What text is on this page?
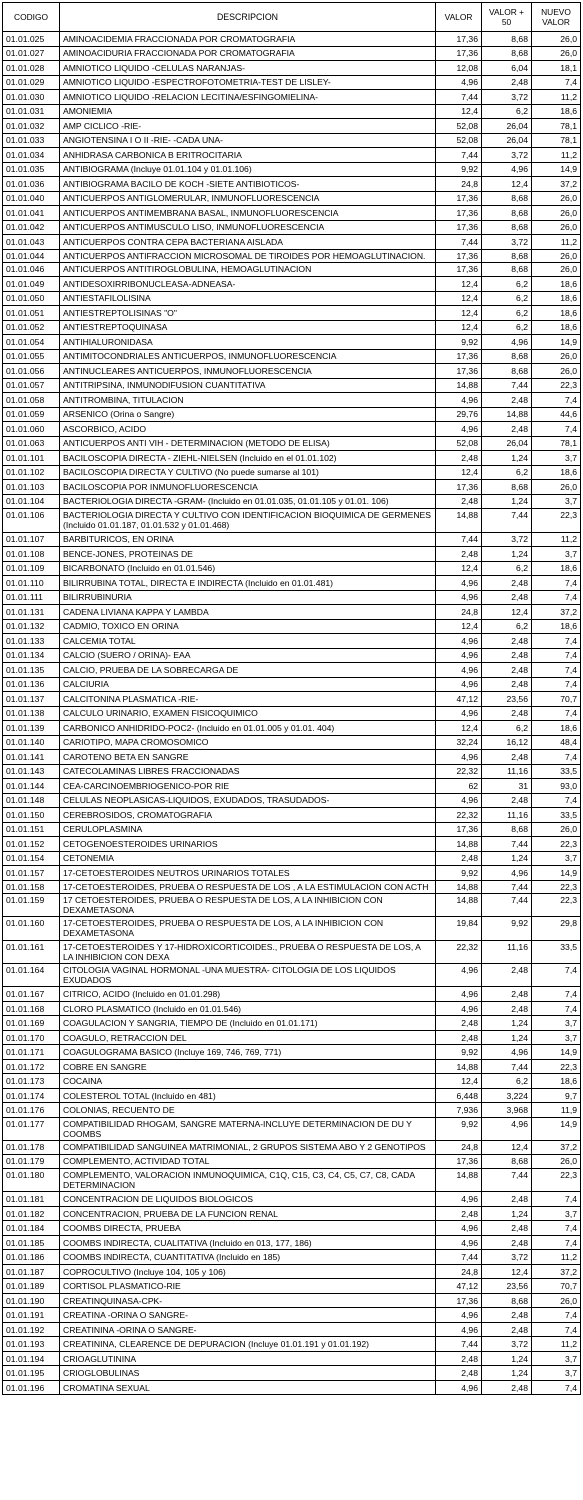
CODIGO	DESCRIPCION	VALOR	VALOR + 50	NUEVO VALOR
01.01.025	AMINOACIDEMIA FRACCIONADA POR CROMATOGRAFIA	17,36	8,68	26,0
01.01.027	AMINOACIDURIA FRACCIONADA POR CROMATOGRAFIA	17,36	8,68	26,0
01.01.028	AMNIOTICO LIQUIDO -CELULAS NARANJAS-	12,08	6,04	18,1
01.01.029	AMNIOTICO LIQUIDO -ESPECTROFOTOMETRIA-TEST DE LISLEY-	4,96	2,48	7,4
01.01.030	AMNIOTICO LIQUIDO -RELACION LECITINA/ESFINGOMIELINA-	7,44	3,72	11,2
01.01.031	AMONIEMIA	12,4	6,2	18,6
01.01.032	AMP CICLICO -RIE-	52,08	26,04	78,1
01.01.033	ANGIOTENSINA I O II -RIE- -CADA UNA-	52,08	26,04	78,1
01.01.034	ANHIDRASA CARBONICA B ERITROCITARIA	7,44	3,72	11,2
01.01.035	ANTIBIOGRAMA (Incluye 01.01.104 y 01.01.106)	9,92	4,96	14,9
01.01.036	ANTIBIOGRAMA BACILO DE KOCH -SIETE ANTIBIOTICOS-	24,8	12,4	37,2
01.01.040	ANTICUERPOS ANTIGLOMERULAR, INMUNOFLUORESCENCIA	17,36	8,68	26,0
01.01.041	ANTICUERPOS ANTIMEMBRANA BASAL, INMUNOFLUORESCENCIA	17,36	8,68	26,0
01.01.042	ANTICUERPOS ANTIMUSCULO LISO, INMUNOFLUORESCENCIA	17,36	8,68	26,0
01.01.043	ANTICUERPOS CONTRA CEPA BACTERIANA AISLADA	7,44	3,72	11,2
01.01.044	ANTICUERPOS ANTIFRACCION MICROSOMAL DE TIROIDES POR HEMOAGLUTINACION.	17,36	8,68	26,0
01.01.046	ANTICUERPOS ANTITIROGLOBULINA, HEMOAGLUTINACION	17,36	8,68	26,0
01.01.049	ANTIDESOXIRRIBONUCLEASA-ADNEASA-	12,4	6,2	18,6
01.01.050	ANTIESTAFILOLISINA	12,4	6,2	18,6
01.01.051	ANTIESTREPTOLISINAS "O"	12,4	6,2	18,6
01.01.052	ANTIESTREPTOQUINASA	12,4	6,2	18,6
01.01.054	ANTIHIALURONIDASA	9,92	4,96	14,9
01.01.055	ANTIMITOCONDRIALES ANTICUERPOS, INMUNOFLUORESCENCIA	17,36	8,68	26,0
01.01.056	ANTINUCLEARES ANTICUERPOS, INMUNOFLUORESCENCIA	17,36	8,68	26,0
01.01.057	ANTITRIPSINA, INMUNODIFUSION CUANTITATIVA	14,88	7,44	22,3
01.01.058	ANTITROMBINA, TITULACION	4,96	2,48	7,4
01.01.059	ARSENICO (Orina o Sangre)	29,76	14,88	44,6
01.01.060	ASCORBICO, ACIDO	4,96	2,48	7,4
01.01.063	ANTICUERPOS ANTI VIH - DETERMINACION (METODO DE ELISA)	52,08	26,04	78,1
01.01.101	BACILOSCOPIA DIRECTA - ZIEHL-NIELSEN (Incluido en el 01.01.102)	2,48	1,24	3,7
01.01.102	BACILOSCOPIA DIRECTA Y CULTIVO (No puede sumarse al 101)	12,4	6,2	18,6
01.01.103	BACILOSCOPIA POR INMUNOFLUORESCENCIA	17,36	8,68	26,0
01.01.104	BACTERIOLOGIA DIRECTA -GRAM- (Incluido en 01.01.035, 01.01.105 y 01.01. 106)	2,48	1,24	3,7
01.01.106	BACTERIOLOGIA DIRECTA Y CULTIVO CON IDENTIFICACION BIOQUIMICA DE GERMENES (Incluido 01.01.187, 01.01.532 y 01.01.468)	14,88	7,44	22,3
01.01.107	BARBITURICOS, EN ORINA	7,44	3,72	11,2
01.01.108	BENCE-JONES, PROTEINAS DE	2,48	1,24	3,7
01.01.109	BICARBONATO (Incluido en 01.01.546)	12,4	6,2	18,6
01.01.110	BILIRRUBINA TOTAL, DIRECTA E INDIRECTA (Incluido en 01.01.481)	4,96	2,48	7,4
01.01.111	BILIRRUBINURIA	4,96	2,48	7,4
01.01.131	CADENA LIVIANA KAPPA Y LAMBDA	24,8	12,4	37,2
01.01.132	CADMIO, TOXICO EN ORINA	12,4	6,2	18,6
01.01.133	CALCEMIA TOTAL	4,96	2,48	7,4
01.01.134	CALCIO (SUERO / ORINA)- EAA	4,96	2,48	7,4
01.01.135	CALCIO, PRUEBA DE LA SOBRECARGA DE	4,96	2,48	7,4
01.01.136	CALCIURIA	4,96	2,48	7,4
01.01.137	CALCITONINA PLASMATICA -RIE-	47,12	23,56	70,7
01.01.138	CALCULO URINARIO, EXAMEN FISICOQUIMICO	4,96	2,48	7,4
01.01.139	CARBONICO ANHIDRIDO-POC2- (Incluido en 01.01.005 y 01.01. 404)	12,4	6,2	18,6
01.01.140	CARIOTIPO, MAPA CROMOSOMICO	32,24	16,12	48,4
01.01.141	CAROTENO BETA EN SANGRE	4,96	2,48	7,4
01.01.143	CATECOLAMINAS LIBRES FRACCIONADAS	22,32	11,16	33,5
01.01.144	CEA-CARCINOEMBRIOGENICO-POR RIE	62	31	93,0
01.01.148	CELULAS NEOPLASICAS-LIQUIDOS, EXUDADOS, TRASUDADOS-	4,96	2,48	7,4
01.01.150	CEREBROSIDOS, CROMATOGRAFIA	22,32	11,16	33,5
01.01.151	CERULOPLASMINA	17,36	8,68	26,0
01.01.152	CETOGENOESTEROIDES URINARIOS	14,88	7,44	22,3
01.01.154	CETONEMIA	2,48	1,24	3,7
01.01.157	17-CETOESTEROIDES NEUTROS URINARIOS TOTALES	9,92	4,96	14,9
01.01.158	17-CETOESTEROIDES, PRUEBA O RESPUESTA DE LOS , A LA ESTIMULACION CON ACTH	14,88	7,44	22,3
01.01.159	17 CETOESTEROIDES, PRUEBA O RESPUESTA DE LOS, A LA INHIBICION CON DEXAMETASONA	14,88	7,44	22,3
01.01.160	17-CETOESTEROIDES, PRUEBA O RESPUESTA DE LOS, A LA INHIBICION CON DEXAMETASONA	19,84	9,92	29,8
01.01.161	17-CETOESTEROIDES Y 17-HIDROXICORTICOIDES., PRUEBA O RESPUESTA DE LOS, A LA INHIBICION CON DEXA	22,32	11,16	33,5
01.01.164	CITOLOGIA VAGINAL HORMONAL -UNA MUESTRA- CITOLOGIA DE LOS LIQUIDOS EXUDADOS	4,96	2,48	7,4
01.01.167	CITRICO, ACIDO (Incluido en 01.01.298)	4,96	2,48	7,4
01.01.168	CLORO PLASMATICO (Incluido en 01.01.546)	4,96	2,48	7,4
01.01.169	COAGULACION Y SANGRIA, TIEMPO DE (Incluido en 01.01.171)	2,48	1,24	3,7
01.01.170	COAGULO, RETRACCION DEL	2,48	1,24	3,7
01.01.171	COAGULOGRAMA BASICO (Incluye 169, 746, 769, 771)	9,92	4,96	14,9
01.01.172	COBRE EN SANGRE	14,88	7,44	22,3
01.01.173	COCAINA	12,4	6,2	18,6
01.01.174	COLESTEROL TOTAL (Incluido en 481)	6,448	3,224	9,7
01.01.176	COLONIAS, RECUENTO DE	7,936	3,968	11,9
01.01.177	COMPATIBILIDAD RHOGAM, SANGRE MATERNA-INCLUYE DETERMINACION DE DU Y COOMBS	9,92	4,96	14,9
01.01.178	COMPATIBILIDAD SANGUINEA MATRIMONIAL, 2 GRUPOS SISTEMA ABO Y 2 GENOTIPOS	24,8	12,4	37,2
01.01.179	COMPLEMENTO, ACTIVIDAD TOTAL	17,36	8,68	26,0
01.01.180	COMPLEMENTO, VALORACION INMUNOQUIMICA, C1Q, C15, C3, C4, C5, C7, C8, CADA DETERMINACION	14,88	7,44	22,3
01.01.181	CONCENTRACION DE LIQUIDOS BIOLOGICOS	4,96	2,48	7,4
01.01.182	CONCENTRACION, PRUEBA DE LA FUNCION RENAL	2,48	1,24	3,7
01.01.184	COOMBS DIRECTA, PRUEBA	4,96	2,48	7,4
01.01.185	COOMBS INDIRECTA, CUALITATIVA (Incluido en 013, 177, 186)	4,96	2,48	7,4
01.01.186	COOMBS INDIRECTA, CUANTITATIVA (Incluido en 185)	7,44	3,72	11,2
01.01.187	COPROCULTIVO (Incluye 104, 105 y 106)	24,8	12,4	37,2
01.01.189	CORTISOL PLASMATICO-RIE	47,12	23,56	70,7
01.01.190	CREATINQUINASA-CPK-	17,36	8,68	26,0
01.01.191	CREATINA -ORINA O SANGRE-	4,96	2,48	7,4
01.01.192	CREATININA -ORINA O SANGRE-	4,96	2,48	7,4
01.01.193	CREATININA, CLEARENCE DE DEPURACION (Incluye 01.01.191 y 01.01.192)	7,44	3,72	11,2
01.01.194	CRIOAGLUTININA	2,48	1,24	3,7
01.01.195	CRIOGLOBULINAS	2,48	1,24	3,7
01.01.196	CROMATINA SEXUAL	4,96	2,48	7,4
